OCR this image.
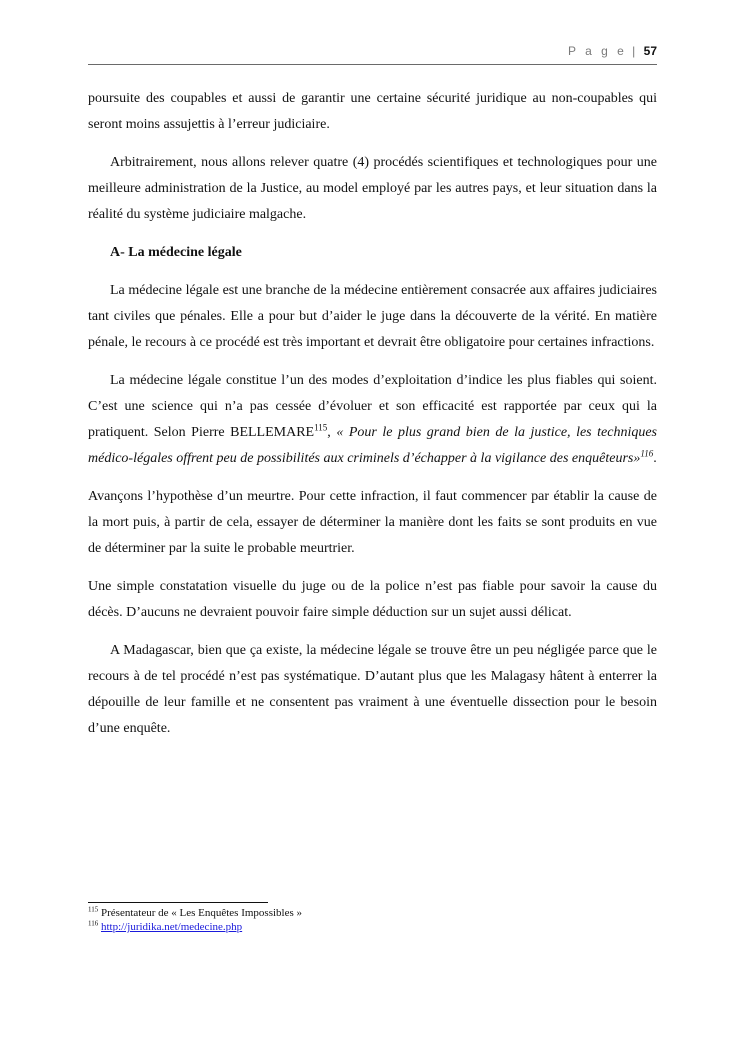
P a g e | 57

poursuite des coupables et aussi de garantir une certaine sécurité juridique au non-coupables qui seront moins assujettis à l’erreur judiciaire.

Arbitrairement, nous allons relever quatre (4) procédés scientifiques et technologiques pour une meilleure administration de la Justice, au model employé par les autres pays, et leur situation dans la réalité du système judiciaire malgache.

A- La médecine légale

La médecine légale est une branche de la médecine entièrement consacrée aux affaires judiciaires tant civiles que pénales. Elle a pour but d’aider le juge dans la découverte de la vérité. En matière pénale, le recours à ce procédé est très important et devrait être obligatoire pour certaines infractions.

La médecine légale constitue l’un des modes d’exploitation d’indice les plus fiables qui soient. C’est une science qui n’a pas cessée d’évoluer et son efficacité est rapportée par ceux qui la pratiquent. Selon Pierre BELLEMARE$^{115}$, « Pour le plus grand bien de la justice, les techniques médico-légales offrent peu de possibilités aux criminels d’échapper à la vigilance des enquêteurs»$^{116}$.

Avançons l’hypothèse d’un meurtre. Pour cette infraction, il faut commencer par établir la cause de la mort puis, à partir de cela, essayer de déterminer la manière dont les faits se sont produits en vue de déterminer par la suite le probable meurtrier.

Une simple constatation visuelle du juge ou de la police n’est pas fiable pour savoir la cause du décès. D’aucuns ne devraient pouvoir faire simple déduction sur un sujet aussi délicat.

A Madagascar, bien que ça existe, la médecine légale se trouve être un peu négligée parce que le recours à de tel procédé n’est pas systématique. D’autant plus que les Malagasy hâtent à enterrer la dépouille de leur famille et ne consentent pas vraiment à une éventuelle dissection pour le besoin d’une enquête.

$^{115}$ Présentateur de « Les Enquêtes Impossibles »
$^{116}$ http://juridika.net/medecine.php
